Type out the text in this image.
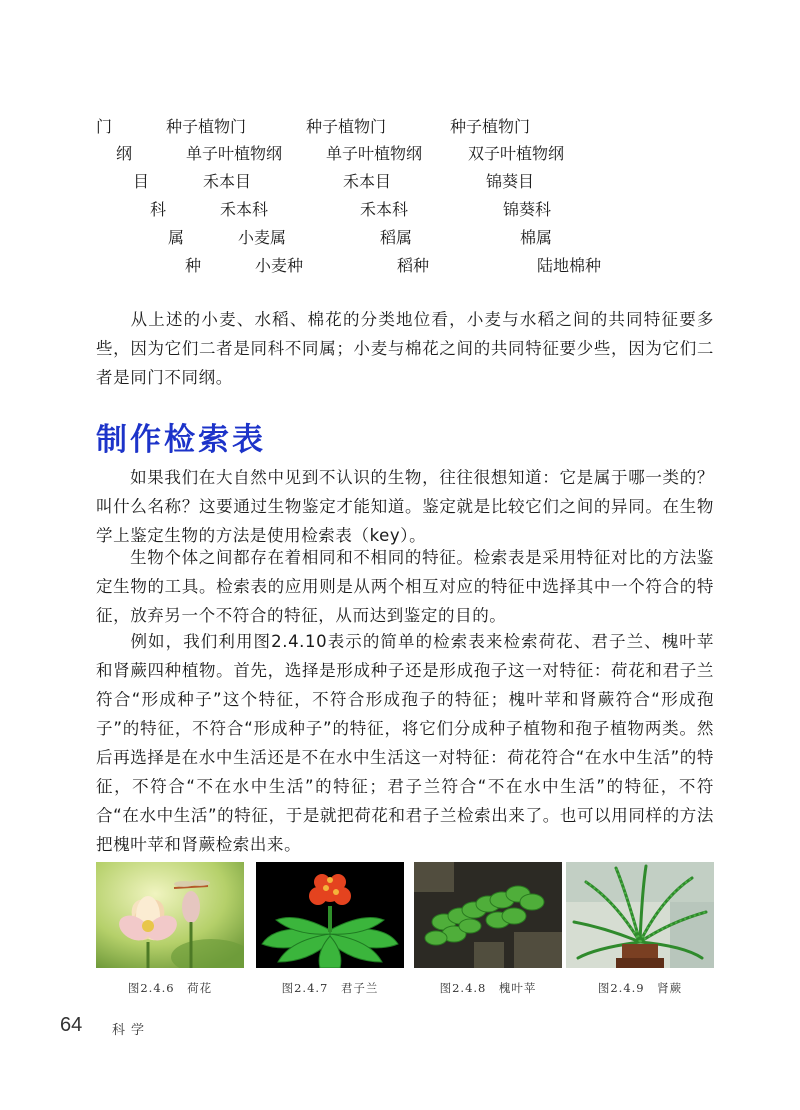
门	种子植物门	种子植物门	种子植物门
纲	单子叶植物纲	单子叶植物纲	双子叶植物纲
目	禾本目	禾本目	锦葵目
科	禾本科	禾本科	锦葵科
属	小麦属	稻属	棉属
种	小麦种	稻种	陆地棉种

从上述的小麦、水稻、棉花的分类地位看，小麦与水稻之间的共同特征要多些，因为它们二者是同科不同属；小麦与棉花之间的共同特征要少些，因为它们二者是同门不同纲。

制作检索表

如果我们在大自然中见到不认识的生物，往往很想知道：它是属于哪一类的？叫什么名称？这要通过生物鉴定才能知道。鉴定就是比较它们之间的异同。在生物学上鉴定生物的方法是使用检索表（key）。

生物个体之间都存在着相同和不相同的特征。检索表是采用特征对比的方法鉴定生物的工具。检索表的应用则是从两个相互对应的特征中选择其中一个符合的特征，放弃另一个不符合的特征，从而达到鉴定的目的。

例如，我们利用图2.4.10表示的简单的检索表来检索荷花、君子兰、槐叶苹和肾蕨四种植物。首先，选择是形成种子还是形成孢子这一对特征：荷花和君子兰符合“形成种子”这个特征，不符合形成孢子的特征；槐叶苹和肾蕨符合“形成孢子”的特征，不符合“形成种子”的特征，将它们分成种子植物和孢子植物两类。然后再选择是在水中生活还是不在水中生活这一对特征：荷花符合“在水中生活”的特征，不符合“不在水中生活”的特征；君子兰符合“不在水中生活”的特征，不符合“在水中生活”的特征，于是就把荷花和君子兰检索出来了。也可以用同样的方法把槐叶苹和肾蕨检索出来。

图2.4.6　荷花	图2.4.7　君子兰	图2.4.8　槐叶苹	图2.4.9　肾蕨
64 科学
